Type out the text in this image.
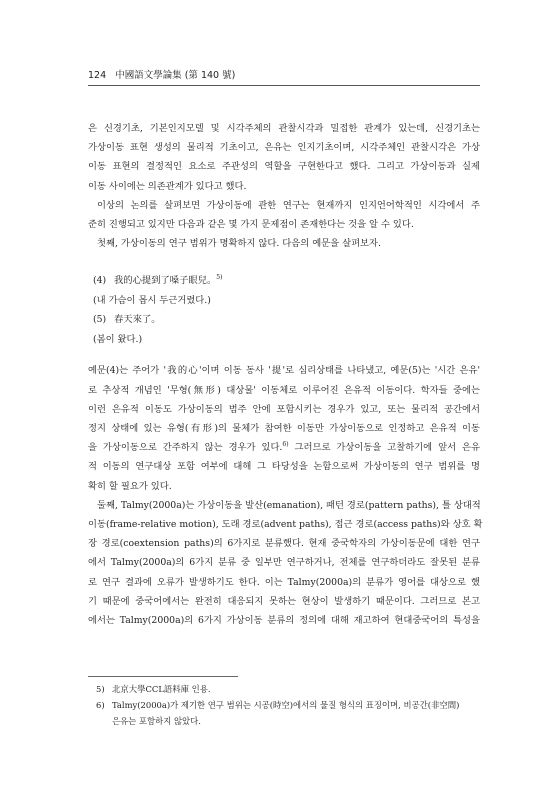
124 中國語文學論集 (第 140 號)
은 신경기초, 기본인지모델 및 시각주체의 관찰시각과 밀접한 관계가 있는데, 신경기초는
가상이동 표현 생성의 물리적 기초이고, 은유는 인지기초이며, 시각주체인 관찰시각은 가상
이동 표현의 결정적인 요소로 주관성의 역할을 구현한다고 했다. 그리고 가상이동과 실제
이동 사이에는 의존관계가 있다고 했다.
이상의 논의를 살펴보면 가상이동에 관한 연구는 현재까지 인지언어학적인 시각에서 주
준히 진행되고 있지만 다음과 같은 몇 가지 문제점이 존재한다는 것을 알 수 있다.
첫째, 가상이동의 연구 범위가 명확하지 않다. 다음의 예문을 살펴보자.
(4) 我的心提到了嗓子眼兒。$^{5)}$
(내 가슴이 몹시 두근거렸다.)
(5) 春天來了。
(봄이 왔다.)
예문(4)는 주어가 '我的心'이며 이동 동사 '提'로 심리상태를 나타냈고, 예문(5)는 '시간 은유'
로 추상적 개념인 '무형(無形) 대상물' 이동체로 이루어진 은유적 이동이다. 학자들 중에는
이런 은유적 이동도 가상이동의 범주 안에 포함시키는 경우가 있고, 또는 물리적 공간에서
정지 상태에 있는 유형(有形)의 물체가 참여한 이동만 가상이동으로 인정하고 은유적 이동
을 가상이동으로 간주하지 않는 경우가 있다.$^{6)}$ 그러므로 가상이동을 고찰하기에 앞서 은유
적 이동의 연구대상 포함 여부에 대해 그 타당성을 논함으로써 가상이동의 연구 범위를 명
확히 할 필요가 있다.
둘째, Talmy(2000a)는 가상이동을 발산(emanation), 패턴 경로(pattern paths), 틀 상대적
이동(frame-relative motion), 도래 경로(advent paths), 접근 경로(access paths)와 상호 확
장 경로(coextension paths)의 6가지로 분류했다. 현재 중국학자의 가상이동문에 대한 연구
에서 Talmy(2000a)의 6가지 분류 중 일부만 연구하거나, 전체를 연구하더라도 잘못된 분류
로 연구 결과에 오류가 발생하기도 한다. 이는 Talmy(2000a)의 분류가 영어를 대상으로 했
기 때문에 중국어에서는 완전히 대응되지 못하는 현상이 발생하기 때문이다. 그러므로 본고
에서는 Talmy(2000a)의 6가지 가상이동 분류의 정의에 대해 재고하여 현대중국어의 특성을
5) 北京大學CCL語料庫 인용.
6) Talmy(2000a)가 제기한 연구 범위는 시공(時空)에서의 물질 형식의 표징이며, 비공간(非空間)
은유는 포함하지 않았다.
